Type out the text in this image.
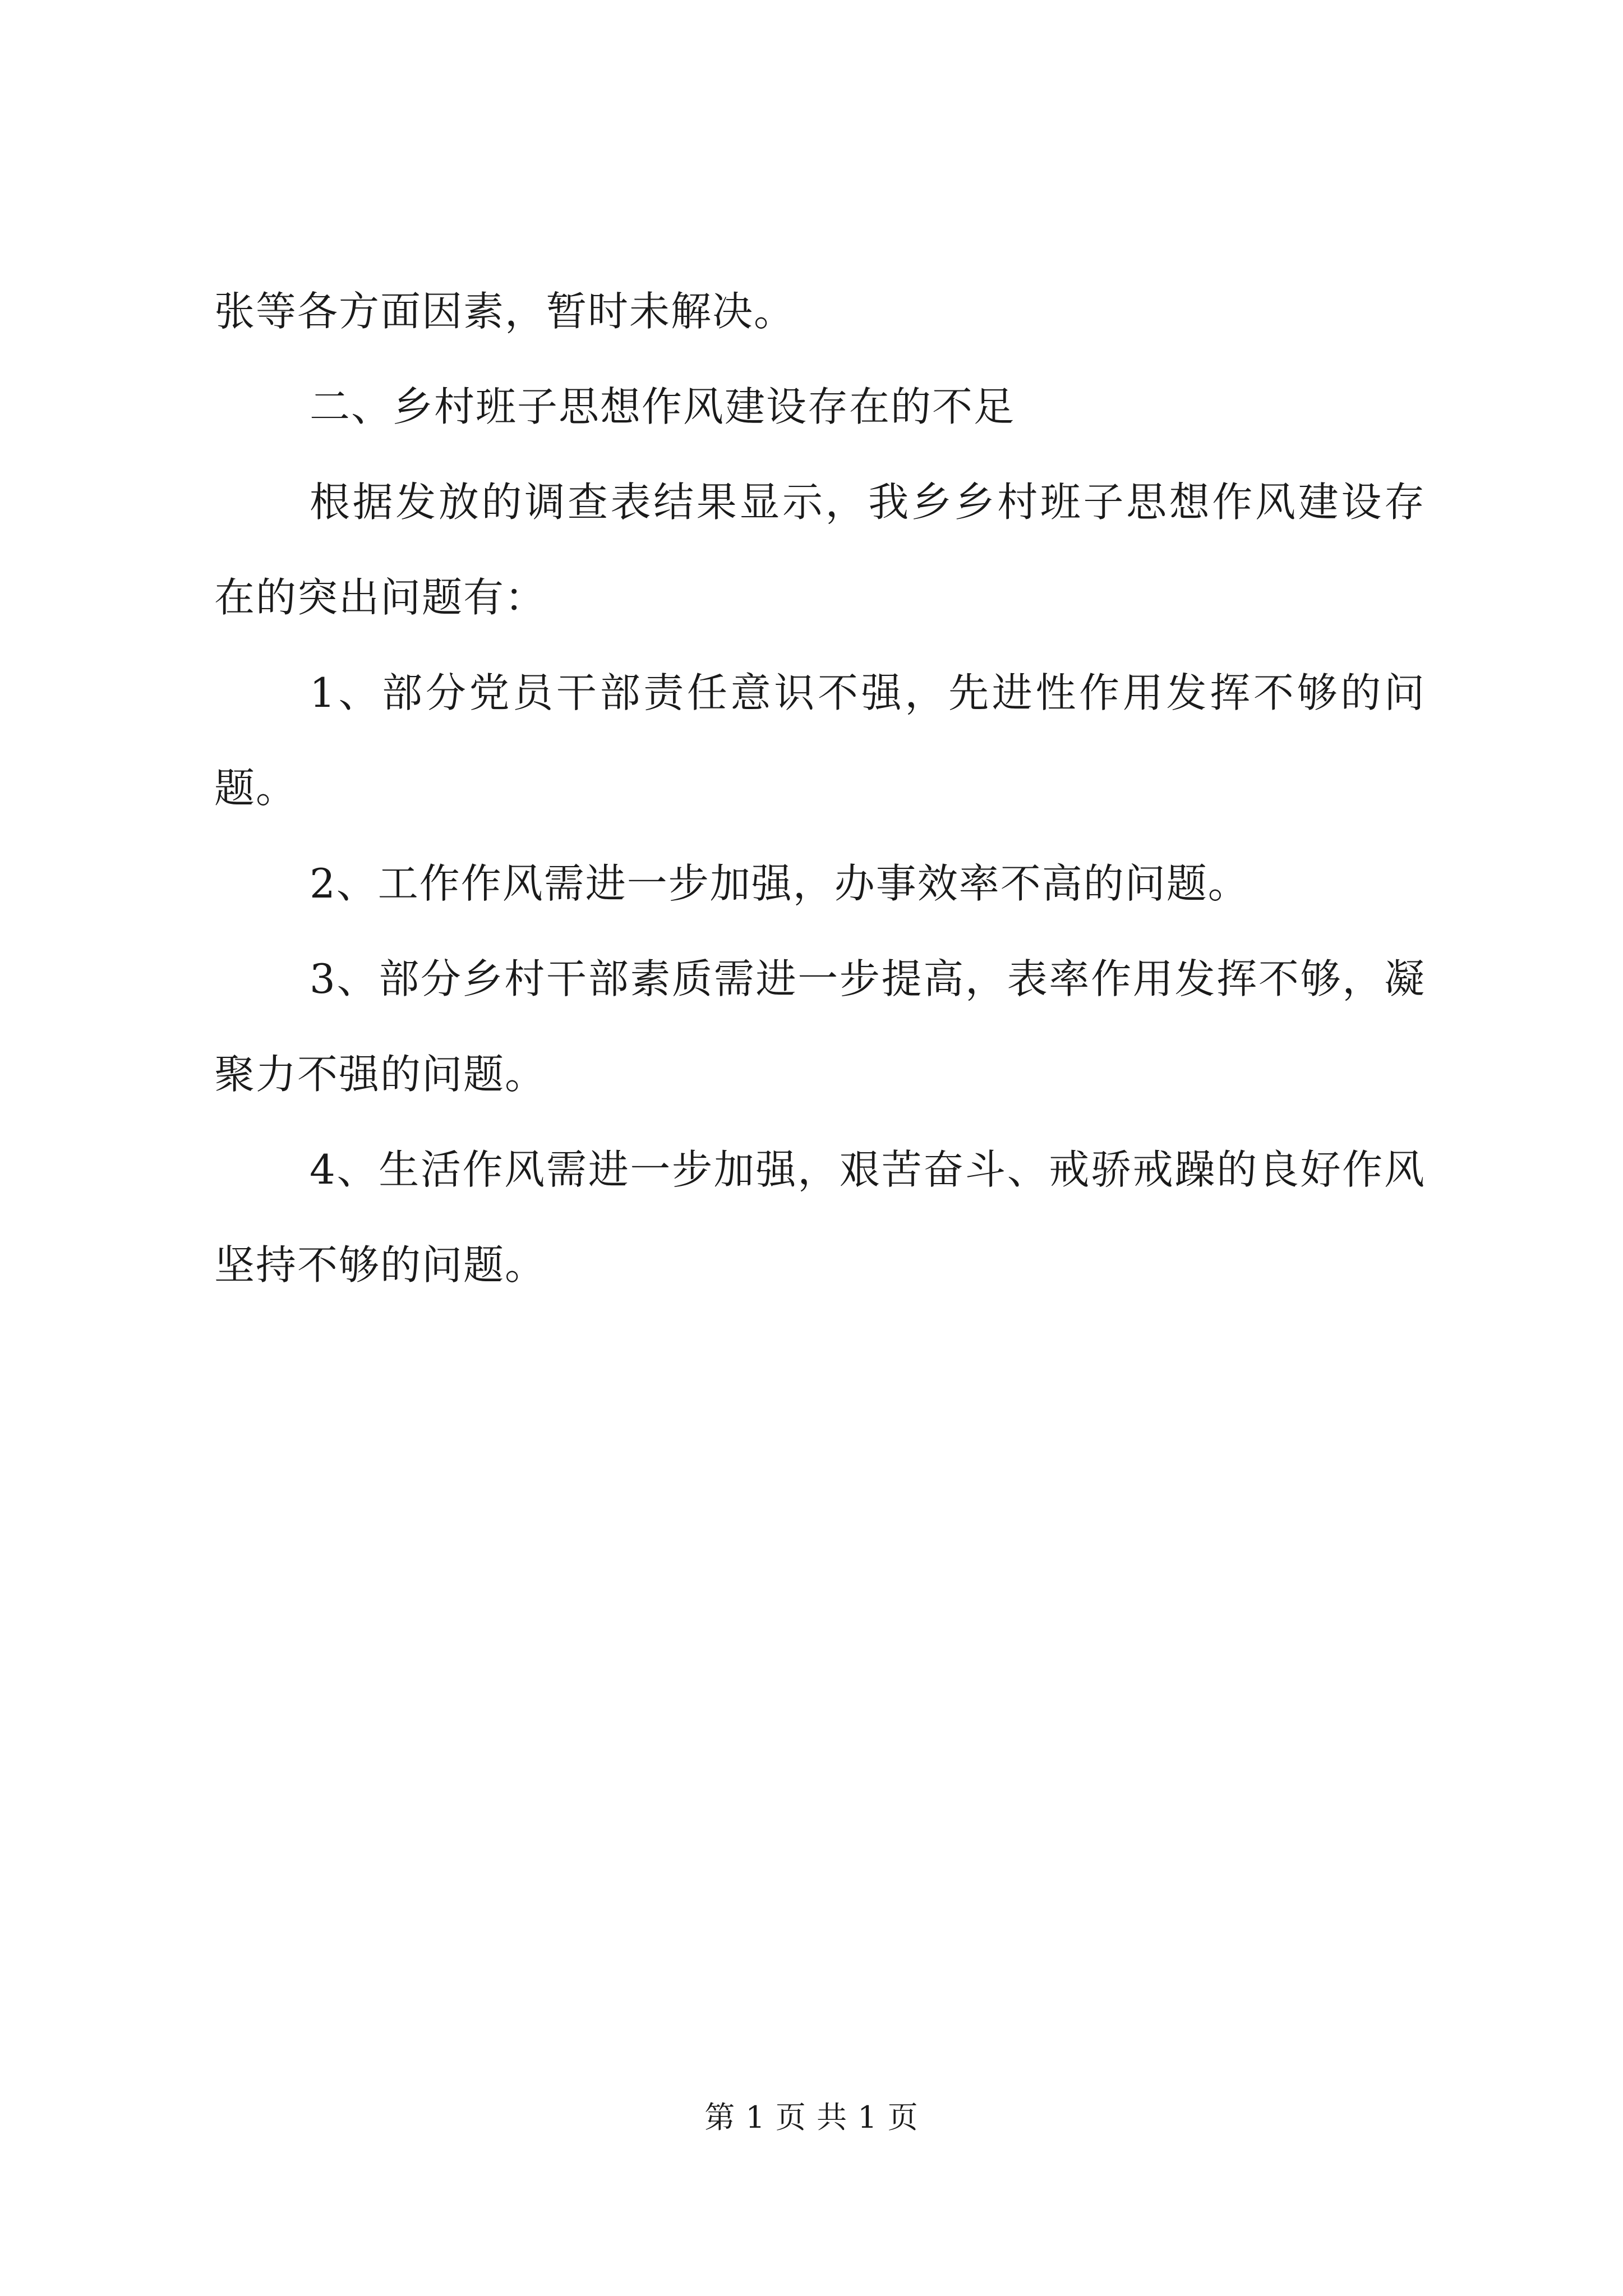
张等各方面因素，暂时未解决。

二、乡村班子思想作风建设存在的不足

根据发放的调查表结果显示，我乡乡村班子思想作风建设存在的突出问题有：

1、部分党员干部责任意识不强，先进性作用发挥不够的问题。

2、工作作风需进一步加强，办事效率不高的问题。

3、部分乡村干部素质需进一步提高，表率作用发挥不够，凝聚力不强的问题。

4、生活作风需进一步加强，艰苦奋斗、戒骄戒躁的良好作风坚持不够的问题。

第 1 页 共 1 页
